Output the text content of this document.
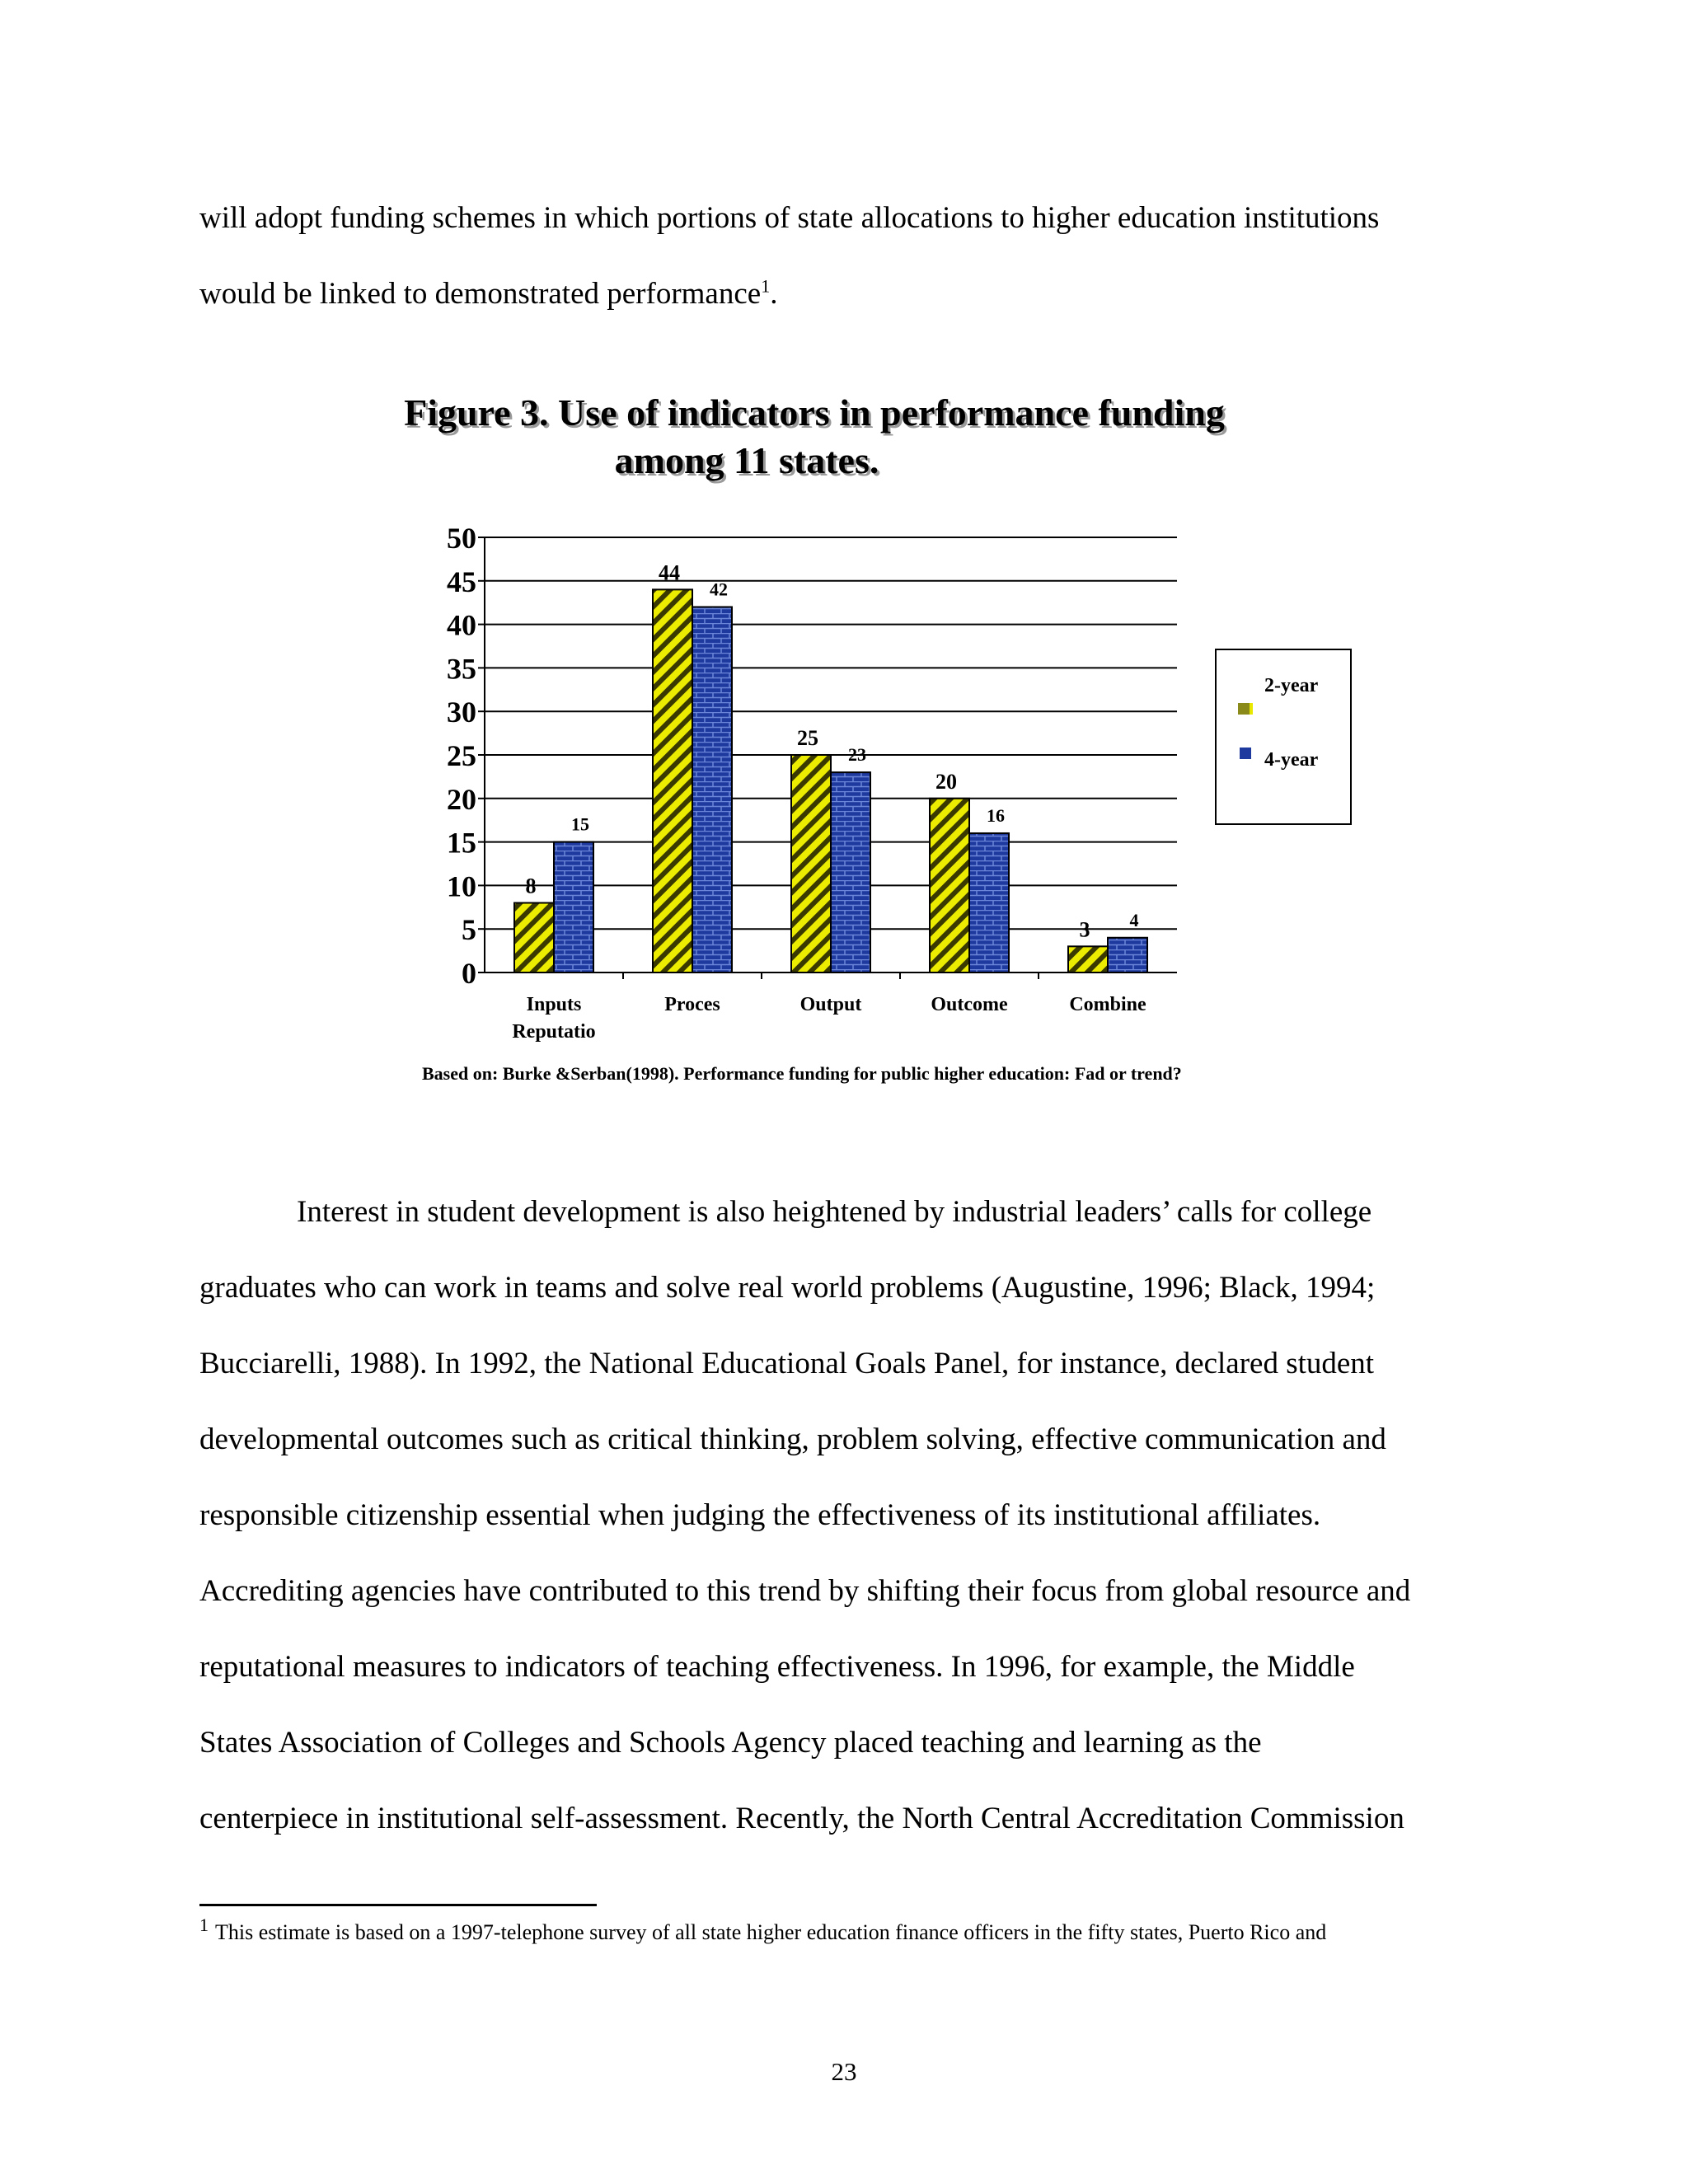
will adopt funding schemes in which portions of state allocations to higher education institutions

would be linked to demonstrated performance$^1$.

Figure 3. Use of indicators in performance funding
among 11 states.
0
5
10
15
20
25
30
35
40
45
50
8
15
Inputs
Reputatio
44
42
Proces
25
23
Output
20
16
Outcome
3 4
Combine
2-year
4-year
Based on: Burke &Serban(1998). Performance funding for public higher education: Fad or trend?

Interest in student development is also heightened by industrial leaders’ calls for college

graduates who can work in teams and solve real world problems (Augustine, 1996; Black, 1994;

Bucciarelli, 1988). In 1992, the National Educational Goals Panel, for instance, declared student

developmental outcomes such as critical thinking, problem solving, effective communication and

responsible citizenship essential when judging the effectiveness of its institutional affiliates.

Accrediting agencies have contributed to this trend by shifting their focus from global resource and

reputational measures to indicators of teaching effectiveness. In 1996, for example, the Middle

States Association of Colleges and Schools Agency placed teaching and learning as the

centerpiece in institutional self-assessment. Recently, the North Central Accreditation Commission

$^1$ This estimate is based on a 1997-telephone survey of all state higher education finance officers in the fifty states, Puerto Rico and
23
